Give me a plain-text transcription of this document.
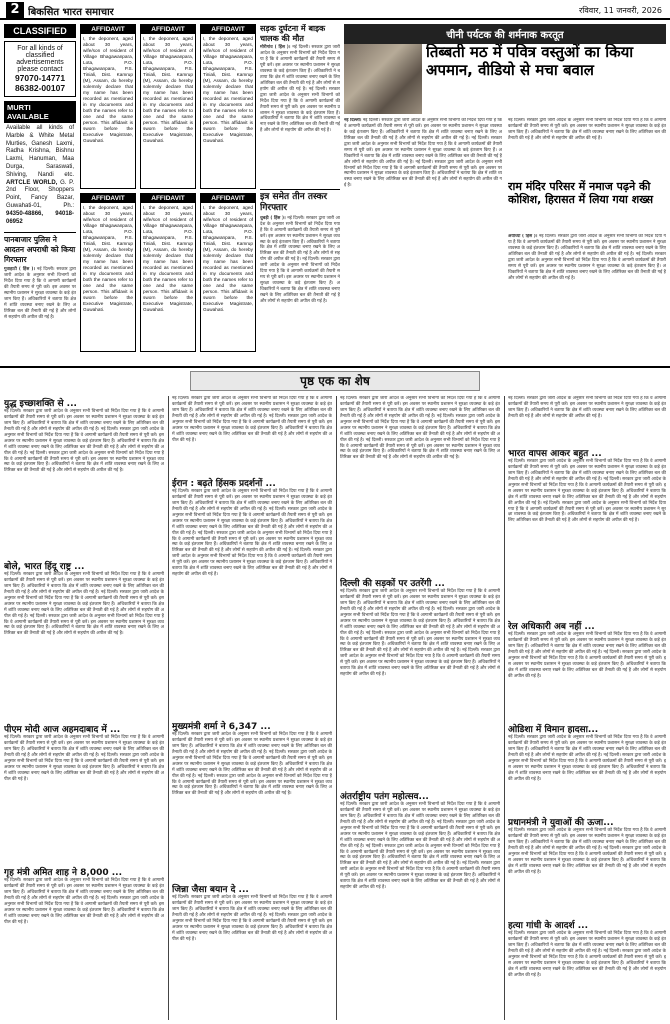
2 बिकसित भारत समाचार	रविवार, 11 जनवरी, 2026
CLASSIFIED
For all kinds of classified advertisements please contact
97070-14771
86382-00107
MURTI AVAILABLE
Available all kinds of Marble & White Metal Murties, Ganesh Laxmi, Radha Krishna, Bishnu Laxmi, Hanuman, Maa Durga, Saraswati, Shiving, Nandi etc. ARTCLE WORLD, G. P. 2nd Floor, Shoppers Point, Fancy Bazar, Guwahati-01, Ph.: 94350-48866, 94018-06952
पानबाजार पुलिस ने आदतन अपराधी को किया गिरफ्तार
गुवाहाटी ( हिंस )। नई दिल्ली। सरकार द्वारा जारी आदेश के अनुसार सभी विभागों को निर्देश दिया गया है कि वे आगामी कार्यक्रमों की तैयारी समय से पूरी करें। इस अवसर पर स्थानीय प्रशासन ने सुरक्षा व्यवस्था के कड़े इंतजाम किए हैं। अधिकारियों ने बताया कि क्षेत्र में शांति व्यवस्था बनाए रखने के लिए अतिरिक्त बल की तैनाती की गई है और लोगों से सहयोग की अपील की गई है।
AFFIDAVIT
I, the deponent, aged about 30 years, wife/son of resident of Village Bhagawanpara, Lota, P.O. Bhagawanpara, P.S. Tiniali, Dist. Kamrup (M), Assam, do hereby solemnly declare that my name has been recorded as mentioned in my documents and both the names refer to one and the same person. This affidavit is sworn before the Executive Magistrate, Guwahati.
AFFIDAVIT
I, the deponent, aged about 30 years, wife/son of resident of Village Bhagawanpara, Lota, P.O. Bhagawanpara, P.S. Tiniali, Dist. Kamrup (M), Assam, do hereby solemnly declare that my name has been recorded as mentioned in my documents and both the names refer to one and the same person. This affidavit is sworn before the Executive Magistrate, Guwahati.
AFFIDAVIT
I, the deponent, aged about 30 years, wife/son of resident of Village Bhagawanpara, Lota, P.O. Bhagawanpara, P.S. Tiniali, Dist. Kamrup (M), Assam, do hereby solemnly declare that my name has been recorded as mentioned in my documents and both the names refer to one and the same person. This affidavit is sworn before the Executive Magistrate, Guwahati.
AFFIDAVIT
I, the deponent, aged about 30 years, wife/son of resident of Village Bhagawanpara, Lota, P.O. Bhagawanpara, P.S. Tiniali, Dist. Kamrup (M), Assam, do hereby solemnly declare that my name has been recorded as mentioned in my documents and both the names refer to one and the same person. This affidavit is sworn before the Executive Magistrate, Guwahati.
AFFIDAVIT
I, the deponent, aged about 30 years, wife/son of resident of Village Bhagawanpara, Lota, P.O. Bhagawanpara, P.S. Tiniali, Dist. Kamrup (M), Assam, do hereby solemnly declare that my name has been recorded as mentioned in my documents and both the names refer to one and the same person. This affidavit is sworn before the Executive Magistrate, Guwahati.
AFFIDAVIT
I, the deponent, aged about 30 years, wife/son of resident of Village Bhagawanpara, Lota, P.O. Bhagawanpara, P.S. Tiniali, Dist. Kamrup (M), Assam, do hereby solemnly declare that my name has been recorded as mentioned in my documents and both the names refer to one and the same person. This affidavit is sworn before the Executive Magistrate, Guwahati.
सड़क दुर्घटना में बाइक चालक की मौत
मोरीगांव ( हिंस )। नई दिल्ली। सरकार द्वारा जारी आदेश के अनुसार सभी विभागों को निर्देश दिया गया है कि वे आगामी कार्यक्रमों की तैयारी समय से पूरी करें। इस अवसर पर स्थानीय प्रशासन ने सुरक्षा व्यवस्था के कड़े इंतजाम किए हैं। अधिकारियों ने बताया कि क्षेत्र में शांति व्यवस्था बनाए रखने के लिए अतिरिक्त बल की तैनाती की गई है और लोगों से सहयोग की अपील की गई है। नई दिल्ली। सरकार द्वारा जारी आदेश के अनुसार सभी विभागों को निर्देश दिया गया है कि वे आगामी कार्यक्रमों की तैयारी समय से पूरी करें। इस अवसर पर स्थानीय प्रशासन ने सुरक्षा व्यवस्था के कड़े इंतजाम किए हैं। अधिकारियों ने बताया कि क्षेत्र में शांति व्यवस्था बनाए रखने के लिए अतिरिक्त बल की तैनाती की गई है और लोगों से सहयोग की अपील की गई है।
इत्र समेत तीन तस्कर गिरफ्तार
धुबड़ी ( हिंस )। नई दिल्ली। सरकार द्वारा जारी आदेश के अनुसार सभी विभागों को निर्देश दिया गया है कि वे आगामी कार्यक्रमों की तैयारी समय से पूरी करें। इस अवसर पर स्थानीय प्रशासन ने सुरक्षा व्यवस्था के कड़े इंतजाम किए हैं। अधिकारियों ने बताया कि क्षेत्र में शांति व्यवस्था बनाए रखने के लिए अतिरिक्त बल की तैनाती की गई है और लोगों से सहयोग की अपील की गई है। नई दिल्ली। सरकार द्वारा जारी आदेश के अनुसार सभी विभागों को निर्देश दिया गया है कि वे आगामी कार्यक्रमों की तैयारी समय से पूरी करें। इस अवसर पर स्थानीय प्रशासन ने सुरक्षा व्यवस्था के कड़े इंतजाम किए हैं। अधिकारियों ने बताया कि क्षेत्र में शांति व्यवस्था बनाए रखने के लिए अतिरिक्त बल की तैनाती की गई है और लोगों से सहयोग की अपील की गई है।
चीनी पर्यटक की शर्मनाक करतूत
तिब्बती मठ में पवित्र वस्तुओं का किया अपमान, वीडियो से मचा बवाल
नई दिल्ली। नई दिल्ली। सरकार द्वारा जारी आदेश के अनुसार सभी विभागों को निर्देश दिया गया है कि वे आगामी कार्यक्रमों की तैयारी समय से पूरी करें। इस अवसर पर स्थानीय प्रशासन ने सुरक्षा व्यवस्था के कड़े इंतजाम किए हैं। अधिकारियों ने बताया कि क्षेत्र में शांति व्यवस्था बनाए रखने के लिए अतिरिक्त बल की तैनाती की गई है और लोगों से सहयोग की अपील की गई है। नई दिल्ली। सरकार द्वारा जारी आदेश के अनुसार सभी विभागों को निर्देश दिया गया है कि वे आगामी कार्यक्रमों की तैयारी समय से पूरी करें। इस अवसर पर स्थानीय प्रशासन ने सुरक्षा व्यवस्था के कड़े इंतजाम किए हैं। अधिकारियों ने बताया कि क्षेत्र में शांति व्यवस्था बनाए रखने के लिए अतिरिक्त बल की तैनाती की गई है और लोगों से सहयोग की अपील की गई है। नई दिल्ली। सरकार द्वारा जारी आदेश के अनुसार सभी विभागों को निर्देश दिया गया है कि वे आगामी कार्यक्रमों की तैयारी समय से पूरी करें। इस अवसर पर स्थानीय प्रशासन ने सुरक्षा व्यवस्था के कड़े इंतजाम किए हैं। अधिकारियों ने बताया कि क्षेत्र में शांति व्यवस्था बनाए रखने के लिए अतिरिक्त बल की तैनाती की गई है और लोगों से सहयोग की अपील की गई है।
नई दिल्ली। सरकार द्वारा जारी आदेश के अनुसार सभी विभागों को निर्देश दिया गया है कि वे आगामी कार्यक्रमों की तैयारी समय से पूरी करें। इस अवसर पर स्थानीय प्रशासन ने सुरक्षा व्यवस्था के कड़े इंतजाम किए हैं। अधिकारियों ने बताया कि क्षेत्र में शांति व्यवस्था बनाए रखने के लिए अतिरिक्त बल की तैनाती की गई है और लोगों से सहयोग की अपील की गई है।
राम मंदिर परिसर में नमाज पढ़ने की कोशिश, हिरासत में लिया गया शख्स
अयोध्या ( हिंस )। नई दिल्ली। सरकार द्वारा जारी आदेश के अनुसार सभी विभागों को निर्देश दिया गया है कि वे आगामी कार्यक्रमों की तैयारी समय से पूरी करें। इस अवसर पर स्थानीय प्रशासन ने सुरक्षा व्यवस्था के कड़े इंतजाम किए हैं। अधिकारियों ने बताया कि क्षेत्र में शांति व्यवस्था बनाए रखने के लिए अतिरिक्त बल की तैनाती की गई है और लोगों से सहयोग की अपील की गई है। नई दिल्ली। सरकार द्वारा जारी आदेश के अनुसार सभी विभागों को निर्देश दिया गया है कि वे आगामी कार्यक्रमों की तैयारी समय से पूरी करें। इस अवसर पर स्थानीय प्रशासन ने सुरक्षा व्यवस्था के कड़े इंतजाम किए हैं। अधिकारियों ने बताया कि क्षेत्र में शांति व्यवस्था बनाए रखने के लिए अतिरिक्त बल की तैनाती की गई है और लोगों से सहयोग की अपील की गई है।
पृष्ठ एक का शेष
युद्ध इच्छाशक्ति से ...
नई दिल्ली। सरकार द्वारा जारी आदेश के अनुसार सभी विभागों को निर्देश दिया गया है कि वे आगामी कार्यक्रमों की तैयारी समय से पूरी करें। इस अवसर पर स्थानीय प्रशासन ने सुरक्षा व्यवस्था के कड़े इंतजाम किए हैं। अधिकारियों ने बताया कि क्षेत्र में शांति व्यवस्था बनाए रखने के लिए अतिरिक्त बल की तैनाती की गई है और लोगों से सहयोग की अपील की गई है। नई दिल्ली। सरकार द्वारा जारी आदेश के अनुसार सभी विभागों को निर्देश दिया गया है कि वे आगामी कार्यक्रमों की तैयारी समय से पूरी करें। इस अवसर पर स्थानीय प्रशासन ने सुरक्षा व्यवस्था के कड़े इंतजाम किए हैं। अधिकारियों ने बताया कि क्षेत्र में शांति व्यवस्था बनाए रखने के लिए अतिरिक्त बल की तैनाती की गई है और लोगों से सहयोग की अपील की गई है। नई दिल्ली। सरकार द्वारा जारी आदेश के अनुसार सभी विभागों को निर्देश दिया गया है कि वे आगामी कार्यक्रमों की तैयारी समय से पूरी करें। इस अवसर पर स्थानीय प्रशासन ने सुरक्षा व्यवस्था के कड़े इंतजाम किए हैं। अधिकारियों ने बताया कि क्षेत्र में शांति व्यवस्था बनाए रखने के लिए अतिरिक्त बल की तैनाती की गई है और लोगों से सहयोग की अपील की गई है।
बोले, भारत हिंदू राष्ट्र ...
नई दिल्ली। सरकार द्वारा जारी आदेश के अनुसार सभी विभागों को निर्देश दिया गया है कि वे आगामी कार्यक्रमों की तैयारी समय से पूरी करें। इस अवसर पर स्थानीय प्रशासन ने सुरक्षा व्यवस्था के कड़े इंतजाम किए हैं। अधिकारियों ने बताया कि क्षेत्र में शांति व्यवस्था बनाए रखने के लिए अतिरिक्त बल की तैनाती की गई है और लोगों से सहयोग की अपील की गई है। नई दिल्ली। सरकार द्वारा जारी आदेश के अनुसार सभी विभागों को निर्देश दिया गया है कि वे आगामी कार्यक्रमों की तैयारी समय से पूरी करें। इस अवसर पर स्थानीय प्रशासन ने सुरक्षा व्यवस्था के कड़े इंतजाम किए हैं। अधिकारियों ने बताया कि क्षेत्र में शांति व्यवस्था बनाए रखने के लिए अतिरिक्त बल की तैनाती की गई है और लोगों से सहयोग की अपील की गई है। नई दिल्ली। सरकार द्वारा जारी आदेश के अनुसार सभी विभागों को निर्देश दिया गया है कि वे आगामी कार्यक्रमों की तैयारी समय से पूरी करें। इस अवसर पर स्थानीय प्रशासन ने सुरक्षा व्यवस्था के कड़े इंतजाम किए हैं। अधिकारियों ने बताया कि क्षेत्र में शांति व्यवस्था बनाए रखने के लिए अतिरिक्त बल की तैनाती की गई है और लोगों से सहयोग की अपील की गई है।
पीएम मोदी आज अहमदाबाद में ...
नई दिल्ली। सरकार द्वारा जारी आदेश के अनुसार सभी विभागों को निर्देश दिया गया है कि वे आगामी कार्यक्रमों की तैयारी समय से पूरी करें। इस अवसर पर स्थानीय प्रशासन ने सुरक्षा व्यवस्था के कड़े इंतजाम किए हैं। अधिकारियों ने बताया कि क्षेत्र में शांति व्यवस्था बनाए रखने के लिए अतिरिक्त बल की तैनाती की गई है और लोगों से सहयोग की अपील की गई है। नई दिल्ली। सरकार द्वारा जारी आदेश के अनुसार सभी विभागों को निर्देश दिया गया है कि वे आगामी कार्यक्रमों की तैयारी समय से पूरी करें। इस अवसर पर स्थानीय प्रशासन ने सुरक्षा व्यवस्था के कड़े इंतजाम किए हैं। अधिकारियों ने बताया कि क्षेत्र में शांति व्यवस्था बनाए रखने के लिए अतिरिक्त बल की तैनाती की गई है और लोगों से सहयोग की अपील की गई है।
गृह मंत्री अमित शाह ने 8,000 ...
नई दिल्ली। सरकार द्वारा जारी आदेश के अनुसार सभी विभागों को निर्देश दिया गया है कि वे आगामी कार्यक्रमों की तैयारी समय से पूरी करें। इस अवसर पर स्थानीय प्रशासन ने सुरक्षा व्यवस्था के कड़े इंतजाम किए हैं। अधिकारियों ने बताया कि क्षेत्र में शांति व्यवस्था बनाए रखने के लिए अतिरिक्त बल की तैनाती की गई है और लोगों से सहयोग की अपील की गई है। नई दिल्ली। सरकार द्वारा जारी आदेश के अनुसार सभी विभागों को निर्देश दिया गया है कि वे आगामी कार्यक्रमों की तैयारी समय से पूरी करें। इस अवसर पर स्थानीय प्रशासन ने सुरक्षा व्यवस्था के कड़े इंतजाम किए हैं। अधिकारियों ने बताया कि क्षेत्र में शांति व्यवस्था बनाए रखने के लिए अतिरिक्त बल की तैनाती की गई है और लोगों से सहयोग की अपील की गई है।
नई दिल्ली। सरकार द्वारा जारी आदेश के अनुसार सभी विभागों को निर्देश दिया गया है कि वे आगामी कार्यक्रमों की तैयारी समय से पूरी करें। इस अवसर पर स्थानीय प्रशासन ने सुरक्षा व्यवस्था के कड़े इंतजाम किए हैं। अधिकारियों ने बताया कि क्षेत्र में शांति व्यवस्था बनाए रखने के लिए अतिरिक्त बल की तैनाती की गई है और लोगों से सहयोग की अपील की गई है। नई दिल्ली। सरकार द्वारा जारी आदेश के अनुसार सभी विभागों को निर्देश दिया गया है कि वे आगामी कार्यक्रमों की तैयारी समय से पूरी करें। इस अवसर पर स्थानीय प्रशासन ने सुरक्षा व्यवस्था के कड़े इंतजाम किए हैं। अधिकारियों ने बताया कि क्षेत्र में शांति व्यवस्था बनाए रखने के लिए अतिरिक्त बल की तैनाती की गई है और लोगों से सहयोग की अपील की गई है।
ईरान : बढ़ते हिंसक प्रदर्शनों ...
नई दिल्ली। सरकार द्वारा जारी आदेश के अनुसार सभी विभागों को निर्देश दिया गया है कि वे आगामी कार्यक्रमों की तैयारी समय से पूरी करें। इस अवसर पर स्थानीय प्रशासन ने सुरक्षा व्यवस्था के कड़े इंतजाम किए हैं। अधिकारियों ने बताया कि क्षेत्र में शांति व्यवस्था बनाए रखने के लिए अतिरिक्त बल की तैनाती की गई है और लोगों से सहयोग की अपील की गई है। नई दिल्ली। सरकार द्वारा जारी आदेश के अनुसार सभी विभागों को निर्देश दिया गया है कि वे आगामी कार्यक्रमों की तैयारी समय से पूरी करें। इस अवसर पर स्थानीय प्रशासन ने सुरक्षा व्यवस्था के कड़े इंतजाम किए हैं। अधिकारियों ने बताया कि क्षेत्र में शांति व्यवस्था बनाए रखने के लिए अतिरिक्त बल की तैनाती की गई है और लोगों से सहयोग की अपील की गई है। नई दिल्ली। सरकार द्वारा जारी आदेश के अनुसार सभी विभागों को निर्देश दिया गया है कि वे आगामी कार्यक्रमों की तैयारी समय से पूरी करें। इस अवसर पर स्थानीय प्रशासन ने सुरक्षा व्यवस्था के कड़े इंतजाम किए हैं। अधिकारियों ने बताया कि क्षेत्र में शांति व्यवस्था बनाए रखने के लिए अतिरिक्त बल की तैनाती की गई है और लोगों से सहयोग की अपील की गई है। नई दिल्ली। सरकार द्वारा जारी आदेश के अनुसार सभी विभागों को निर्देश दिया गया है कि वे आगामी कार्यक्रमों की तैयारी समय से पूरी करें। इस अवसर पर स्थानीय प्रशासन ने सुरक्षा व्यवस्था के कड़े इंतजाम किए हैं। अधिकारियों ने बताया कि क्षेत्र में शांति व्यवस्था बनाए रखने के लिए अतिरिक्त बल की तैनाती की गई है और लोगों से सहयोग की अपील की गई है।
मुख्यमंत्री शर्मा ने 6,347 ...
नई दिल्ली। सरकार द्वारा जारी आदेश के अनुसार सभी विभागों को निर्देश दिया गया है कि वे आगामी कार्यक्रमों की तैयारी समय से पूरी करें। इस अवसर पर स्थानीय प्रशासन ने सुरक्षा व्यवस्था के कड़े इंतजाम किए हैं। अधिकारियों ने बताया कि क्षेत्र में शांति व्यवस्था बनाए रखने के लिए अतिरिक्त बल की तैनाती की गई है और लोगों से सहयोग की अपील की गई है। नई दिल्ली। सरकार द्वारा जारी आदेश के अनुसार सभी विभागों को निर्देश दिया गया है कि वे आगामी कार्यक्रमों की तैयारी समय से पूरी करें। इस अवसर पर स्थानीय प्रशासन ने सुरक्षा व्यवस्था के कड़े इंतजाम किए हैं। अधिकारियों ने बताया कि क्षेत्र में शांति व्यवस्था बनाए रखने के लिए अतिरिक्त बल की तैनाती की गई है और लोगों से सहयोग की अपील की गई है। नई दिल्ली। सरकार द्वारा जारी आदेश के अनुसार सभी विभागों को निर्देश दिया गया है कि वे आगामी कार्यक्रमों की तैयारी समय से पूरी करें। इस अवसर पर स्थानीय प्रशासन ने सुरक्षा व्यवस्था के कड़े इंतजाम किए हैं। अधिकारियों ने बताया कि क्षेत्र में शांति व्यवस्था बनाए रखने के लिए अतिरिक्त बल की तैनाती की गई है और लोगों से सहयोग की अपील की गई है।
जिन्ना जैसा बयान दे ...
नई दिल्ली। सरकार द्वारा जारी आदेश के अनुसार सभी विभागों को निर्देश दिया गया है कि वे आगामी कार्यक्रमों की तैयारी समय से पूरी करें। इस अवसर पर स्थानीय प्रशासन ने सुरक्षा व्यवस्था के कड़े इंतजाम किए हैं। अधिकारियों ने बताया कि क्षेत्र में शांति व्यवस्था बनाए रखने के लिए अतिरिक्त बल की तैनाती की गई है और लोगों से सहयोग की अपील की गई है। नई दिल्ली। सरकार द्वारा जारी आदेश के अनुसार सभी विभागों को निर्देश दिया गया है कि वे आगामी कार्यक्रमों की तैयारी समय से पूरी करें। इस अवसर पर स्थानीय प्रशासन ने सुरक्षा व्यवस्था के कड़े इंतजाम किए हैं। अधिकारियों ने बताया कि क्षेत्र में शांति व्यवस्था बनाए रखने के लिए अतिरिक्त बल की तैनाती की गई है और लोगों से सहयोग की अपील की गई है।
नई दिल्ली। सरकार द्वारा जारी आदेश के अनुसार सभी विभागों को निर्देश दिया गया है कि वे आगामी कार्यक्रमों की तैयारी समय से पूरी करें। इस अवसर पर स्थानीय प्रशासन ने सुरक्षा व्यवस्था के कड़े इंतजाम किए हैं। अधिकारियों ने बताया कि क्षेत्र में शांति व्यवस्था बनाए रखने के लिए अतिरिक्त बल की तैनाती की गई है और लोगों से सहयोग की अपील की गई है। नई दिल्ली। सरकार द्वारा जारी आदेश के अनुसार सभी विभागों को निर्देश दिया गया है कि वे आगामी कार्यक्रमों की तैयारी समय से पूरी करें। इस अवसर पर स्थानीय प्रशासन ने सुरक्षा व्यवस्था के कड़े इंतजाम किए हैं। अधिकारियों ने बताया कि क्षेत्र में शांति व्यवस्था बनाए रखने के लिए अतिरिक्त बल की तैनाती की गई है और लोगों से सहयोग की अपील की गई है। नई दिल्ली। सरकार द्वारा जारी आदेश के अनुसार सभी विभागों को निर्देश दिया गया है कि वे आगामी कार्यक्रमों की तैयारी समय से पूरी करें। इस अवसर पर स्थानीय प्रशासन ने सुरक्षा व्यवस्था के कड़े इंतजाम किए हैं। अधिकारियों ने बताया कि क्षेत्र में शांति व्यवस्था बनाए रखने के लिए अतिरिक्त बल की तैनाती की गई है और लोगों से सहयोग की अपील की गई है।
दिल्ली की सड़कों पर उतरेंगी ...
नई दिल्ली। सरकार द्वारा जारी आदेश के अनुसार सभी विभागों को निर्देश दिया गया है कि वे आगामी कार्यक्रमों की तैयारी समय से पूरी करें। इस अवसर पर स्थानीय प्रशासन ने सुरक्षा व्यवस्था के कड़े इंतजाम किए हैं। अधिकारियों ने बताया कि क्षेत्र में शांति व्यवस्था बनाए रखने के लिए अतिरिक्त बल की तैनाती की गई है और लोगों से सहयोग की अपील की गई है। नई दिल्ली। सरकार द्वारा जारी आदेश के अनुसार सभी विभागों को निर्देश दिया गया है कि वे आगामी कार्यक्रमों की तैयारी समय से पूरी करें। इस अवसर पर स्थानीय प्रशासन ने सुरक्षा व्यवस्था के कड़े इंतजाम किए हैं। अधिकारियों ने बताया कि क्षेत्र में शांति व्यवस्था बनाए रखने के लिए अतिरिक्त बल की तैनाती की गई है और लोगों से सहयोग की अपील की गई है। नई दिल्ली। सरकार द्वारा जारी आदेश के अनुसार सभी विभागों को निर्देश दिया गया है कि वे आगामी कार्यक्रमों की तैयारी समय से पूरी करें। इस अवसर पर स्थानीय प्रशासन ने सुरक्षा व्यवस्था के कड़े इंतजाम किए हैं। अधिकारियों ने बताया कि क्षेत्र में शांति व्यवस्था बनाए रखने के लिए अतिरिक्त बल की तैनाती की गई है और लोगों से सहयोग की अपील की गई है। नई दिल्ली। सरकार द्वारा जारी आदेश के अनुसार सभी विभागों को निर्देश दिया गया है कि वे आगामी कार्यक्रमों की तैयारी समय से पूरी करें। इस अवसर पर स्थानीय प्रशासन ने सुरक्षा व्यवस्था के कड़े इंतजाम किए हैं। अधिकारियों ने बताया कि क्षेत्र में शांति व्यवस्था बनाए रखने के लिए अतिरिक्त बल की तैनाती की गई है और लोगों से सहयोग की अपील की गई है।
अंतर्राष्ट्रीय पतंग महोत्सव...
नई दिल्ली। सरकार द्वारा जारी आदेश के अनुसार सभी विभागों को निर्देश दिया गया है कि वे आगामी कार्यक्रमों की तैयारी समय से पूरी करें। इस अवसर पर स्थानीय प्रशासन ने सुरक्षा व्यवस्था के कड़े इंतजाम किए हैं। अधिकारियों ने बताया कि क्षेत्र में शांति व्यवस्था बनाए रखने के लिए अतिरिक्त बल की तैनाती की गई है और लोगों से सहयोग की अपील की गई है। नई दिल्ली। सरकार द्वारा जारी आदेश के अनुसार सभी विभागों को निर्देश दिया गया है कि वे आगामी कार्यक्रमों की तैयारी समय से पूरी करें। इस अवसर पर स्थानीय प्रशासन ने सुरक्षा व्यवस्था के कड़े इंतजाम किए हैं। अधिकारियों ने बताया कि क्षेत्र में शांति व्यवस्था बनाए रखने के लिए अतिरिक्त बल की तैनाती की गई है और लोगों से सहयोग की अपील की गई है। नई दिल्ली। सरकार द्वारा जारी आदेश के अनुसार सभी विभागों को निर्देश दिया गया है कि वे आगामी कार्यक्रमों की तैयारी समय से पूरी करें। इस अवसर पर स्थानीय प्रशासन ने सुरक्षा व्यवस्था के कड़े इंतजाम किए हैं। अधिकारियों ने बताया कि क्षेत्र में शांति व्यवस्था बनाए रखने के लिए अतिरिक्त बल की तैनाती की गई है और लोगों से सहयोग की अपील की गई है। नई दिल्ली। सरकार द्वारा जारी आदेश के अनुसार सभी विभागों को निर्देश दिया गया है कि वे आगामी कार्यक्रमों की तैयारी समय से पूरी करें। इस अवसर पर स्थानीय प्रशासन ने सुरक्षा व्यवस्था के कड़े इंतजाम किए हैं। अधिकारियों ने बताया कि क्षेत्र में शांति व्यवस्था बनाए रखने के लिए अतिरिक्त बल की तैनाती की गई है और लोगों से सहयोग की अपील की गई है।
नई दिल्ली। सरकार द्वारा जारी आदेश के अनुसार सभी विभागों को निर्देश दिया गया है कि वे आगामी कार्यक्रमों की तैयारी समय से पूरी करें। इस अवसर पर स्थानीय प्रशासन ने सुरक्षा व्यवस्था के कड़े इंतजाम किए हैं। अधिकारियों ने बताया कि क्षेत्र में शांति व्यवस्था बनाए रखने के लिए अतिरिक्त बल की तैनाती की गई है और लोगों से सहयोग की अपील की गई है।
भारत वापस आकर बहुत ...
नई दिल्ली। सरकार द्वारा जारी आदेश के अनुसार सभी विभागों को निर्देश दिया गया है कि वे आगामी कार्यक्रमों की तैयारी समय से पूरी करें। इस अवसर पर स्थानीय प्रशासन ने सुरक्षा व्यवस्था के कड़े इंतजाम किए हैं। अधिकारियों ने बताया कि क्षेत्र में शांति व्यवस्था बनाए रखने के लिए अतिरिक्त बल की तैनाती की गई है और लोगों से सहयोग की अपील की गई है। नई दिल्ली। सरकार द्वारा जारी आदेश के अनुसार सभी विभागों को निर्देश दिया गया है कि वे आगामी कार्यक्रमों की तैयारी समय से पूरी करें। इस अवसर पर स्थानीय प्रशासन ने सुरक्षा व्यवस्था के कड़े इंतजाम किए हैं। अधिकारियों ने बताया कि क्षेत्र में शांति व्यवस्था बनाए रखने के लिए अतिरिक्त बल की तैनाती की गई है और लोगों से सहयोग की अपील की गई है। नई दिल्ली। सरकार द्वारा जारी आदेश के अनुसार सभी विभागों को निर्देश दिया गया है कि वे आगामी कार्यक्रमों की तैयारी समय से पूरी करें। इस अवसर पर स्थानीय प्रशासन ने सुरक्षा व्यवस्था के कड़े इंतजाम किए हैं। अधिकारियों ने बताया कि क्षेत्र में शांति व्यवस्था बनाए रखने के लिए अतिरिक्त बल की तैनाती की गई है और लोगों से सहयोग की अपील की गई है।
रेल अधिकारी अब नहीं ...
नई दिल्ली। सरकार द्वारा जारी आदेश के अनुसार सभी विभागों को निर्देश दिया गया है कि वे आगामी कार्यक्रमों की तैयारी समय से पूरी करें। इस अवसर पर स्थानीय प्रशासन ने सुरक्षा व्यवस्था के कड़े इंतजाम किए हैं। अधिकारियों ने बताया कि क्षेत्र में शांति व्यवस्था बनाए रखने के लिए अतिरिक्त बल की तैनाती की गई है और लोगों से सहयोग की अपील की गई है। नई दिल्ली। सरकार द्वारा जारी आदेश के अनुसार सभी विभागों को निर्देश दिया गया है कि वे आगामी कार्यक्रमों की तैयारी समय से पूरी करें। इस अवसर पर स्थानीय प्रशासन ने सुरक्षा व्यवस्था के कड़े इंतजाम किए हैं। अधिकारियों ने बताया कि क्षेत्र में शांति व्यवस्था बनाए रखने के लिए अतिरिक्त बल की तैनाती की गई है और लोगों से सहयोग की अपील की गई है।
ओडिशा में विमान हादसा...
नई दिल्ली। सरकार द्वारा जारी आदेश के अनुसार सभी विभागों को निर्देश दिया गया है कि वे आगामी कार्यक्रमों की तैयारी समय से पूरी करें। इस अवसर पर स्थानीय प्रशासन ने सुरक्षा व्यवस्था के कड़े इंतजाम किए हैं। अधिकारियों ने बताया कि क्षेत्र में शांति व्यवस्था बनाए रखने के लिए अतिरिक्त बल की तैनाती की गई है और लोगों से सहयोग की अपील की गई है। नई दिल्ली। सरकार द्वारा जारी आदेश के अनुसार सभी विभागों को निर्देश दिया गया है कि वे आगामी कार्यक्रमों की तैयारी समय से पूरी करें। इस अवसर पर स्थानीय प्रशासन ने सुरक्षा व्यवस्था के कड़े इंतजाम किए हैं। अधिकारियों ने बताया कि क्षेत्र में शांति व्यवस्था बनाए रखने के लिए अतिरिक्त बल की तैनाती की गई है और लोगों से सहयोग की अपील की गई है।
प्रधानमंत्री ने युवाओं की ऊजा...
नई दिल्ली। सरकार द्वारा जारी आदेश के अनुसार सभी विभागों को निर्देश दिया गया है कि वे आगामी कार्यक्रमों की तैयारी समय से पूरी करें। इस अवसर पर स्थानीय प्रशासन ने सुरक्षा व्यवस्था के कड़े इंतजाम किए हैं। अधिकारियों ने बताया कि क्षेत्र में शांति व्यवस्था बनाए रखने के लिए अतिरिक्त बल की तैनाती की गई है और लोगों से सहयोग की अपील की गई है। नई दिल्ली। सरकार द्वारा जारी आदेश के अनुसार सभी विभागों को निर्देश दिया गया है कि वे आगामी कार्यक्रमों की तैयारी समय से पूरी करें। इस अवसर पर स्थानीय प्रशासन ने सुरक्षा व्यवस्था के कड़े इंतजाम किए हैं। अधिकारियों ने बताया कि क्षेत्र में शांति व्यवस्था बनाए रखने के लिए अतिरिक्त बल की तैनाती की गई है और लोगों से सहयोग की अपील की गई है।
हत्या गांधी के आदर्श ...
नई दिल्ली। सरकार द्वारा जारी आदेश के अनुसार सभी विभागों को निर्देश दिया गया है कि वे आगामी कार्यक्रमों की तैयारी समय से पूरी करें। इस अवसर पर स्थानीय प्रशासन ने सुरक्षा व्यवस्था के कड़े इंतजाम किए हैं। अधिकारियों ने बताया कि क्षेत्र में शांति व्यवस्था बनाए रखने के लिए अतिरिक्त बल की तैनाती की गई है और लोगों से सहयोग की अपील की गई है। नई दिल्ली। सरकार द्वारा जारी आदेश के अनुसार सभी विभागों को निर्देश दिया गया है कि वे आगामी कार्यक्रमों की तैयारी समय से पूरी करें। इस अवसर पर स्थानीय प्रशासन ने सुरक्षा व्यवस्था के कड़े इंतजाम किए हैं। अधिकारियों ने बताया कि क्षेत्र में शांति व्यवस्था बनाए रखने के लिए अतिरिक्त बल की तैनाती की गई है और लोगों से सहयोग की अपील की गई है।
